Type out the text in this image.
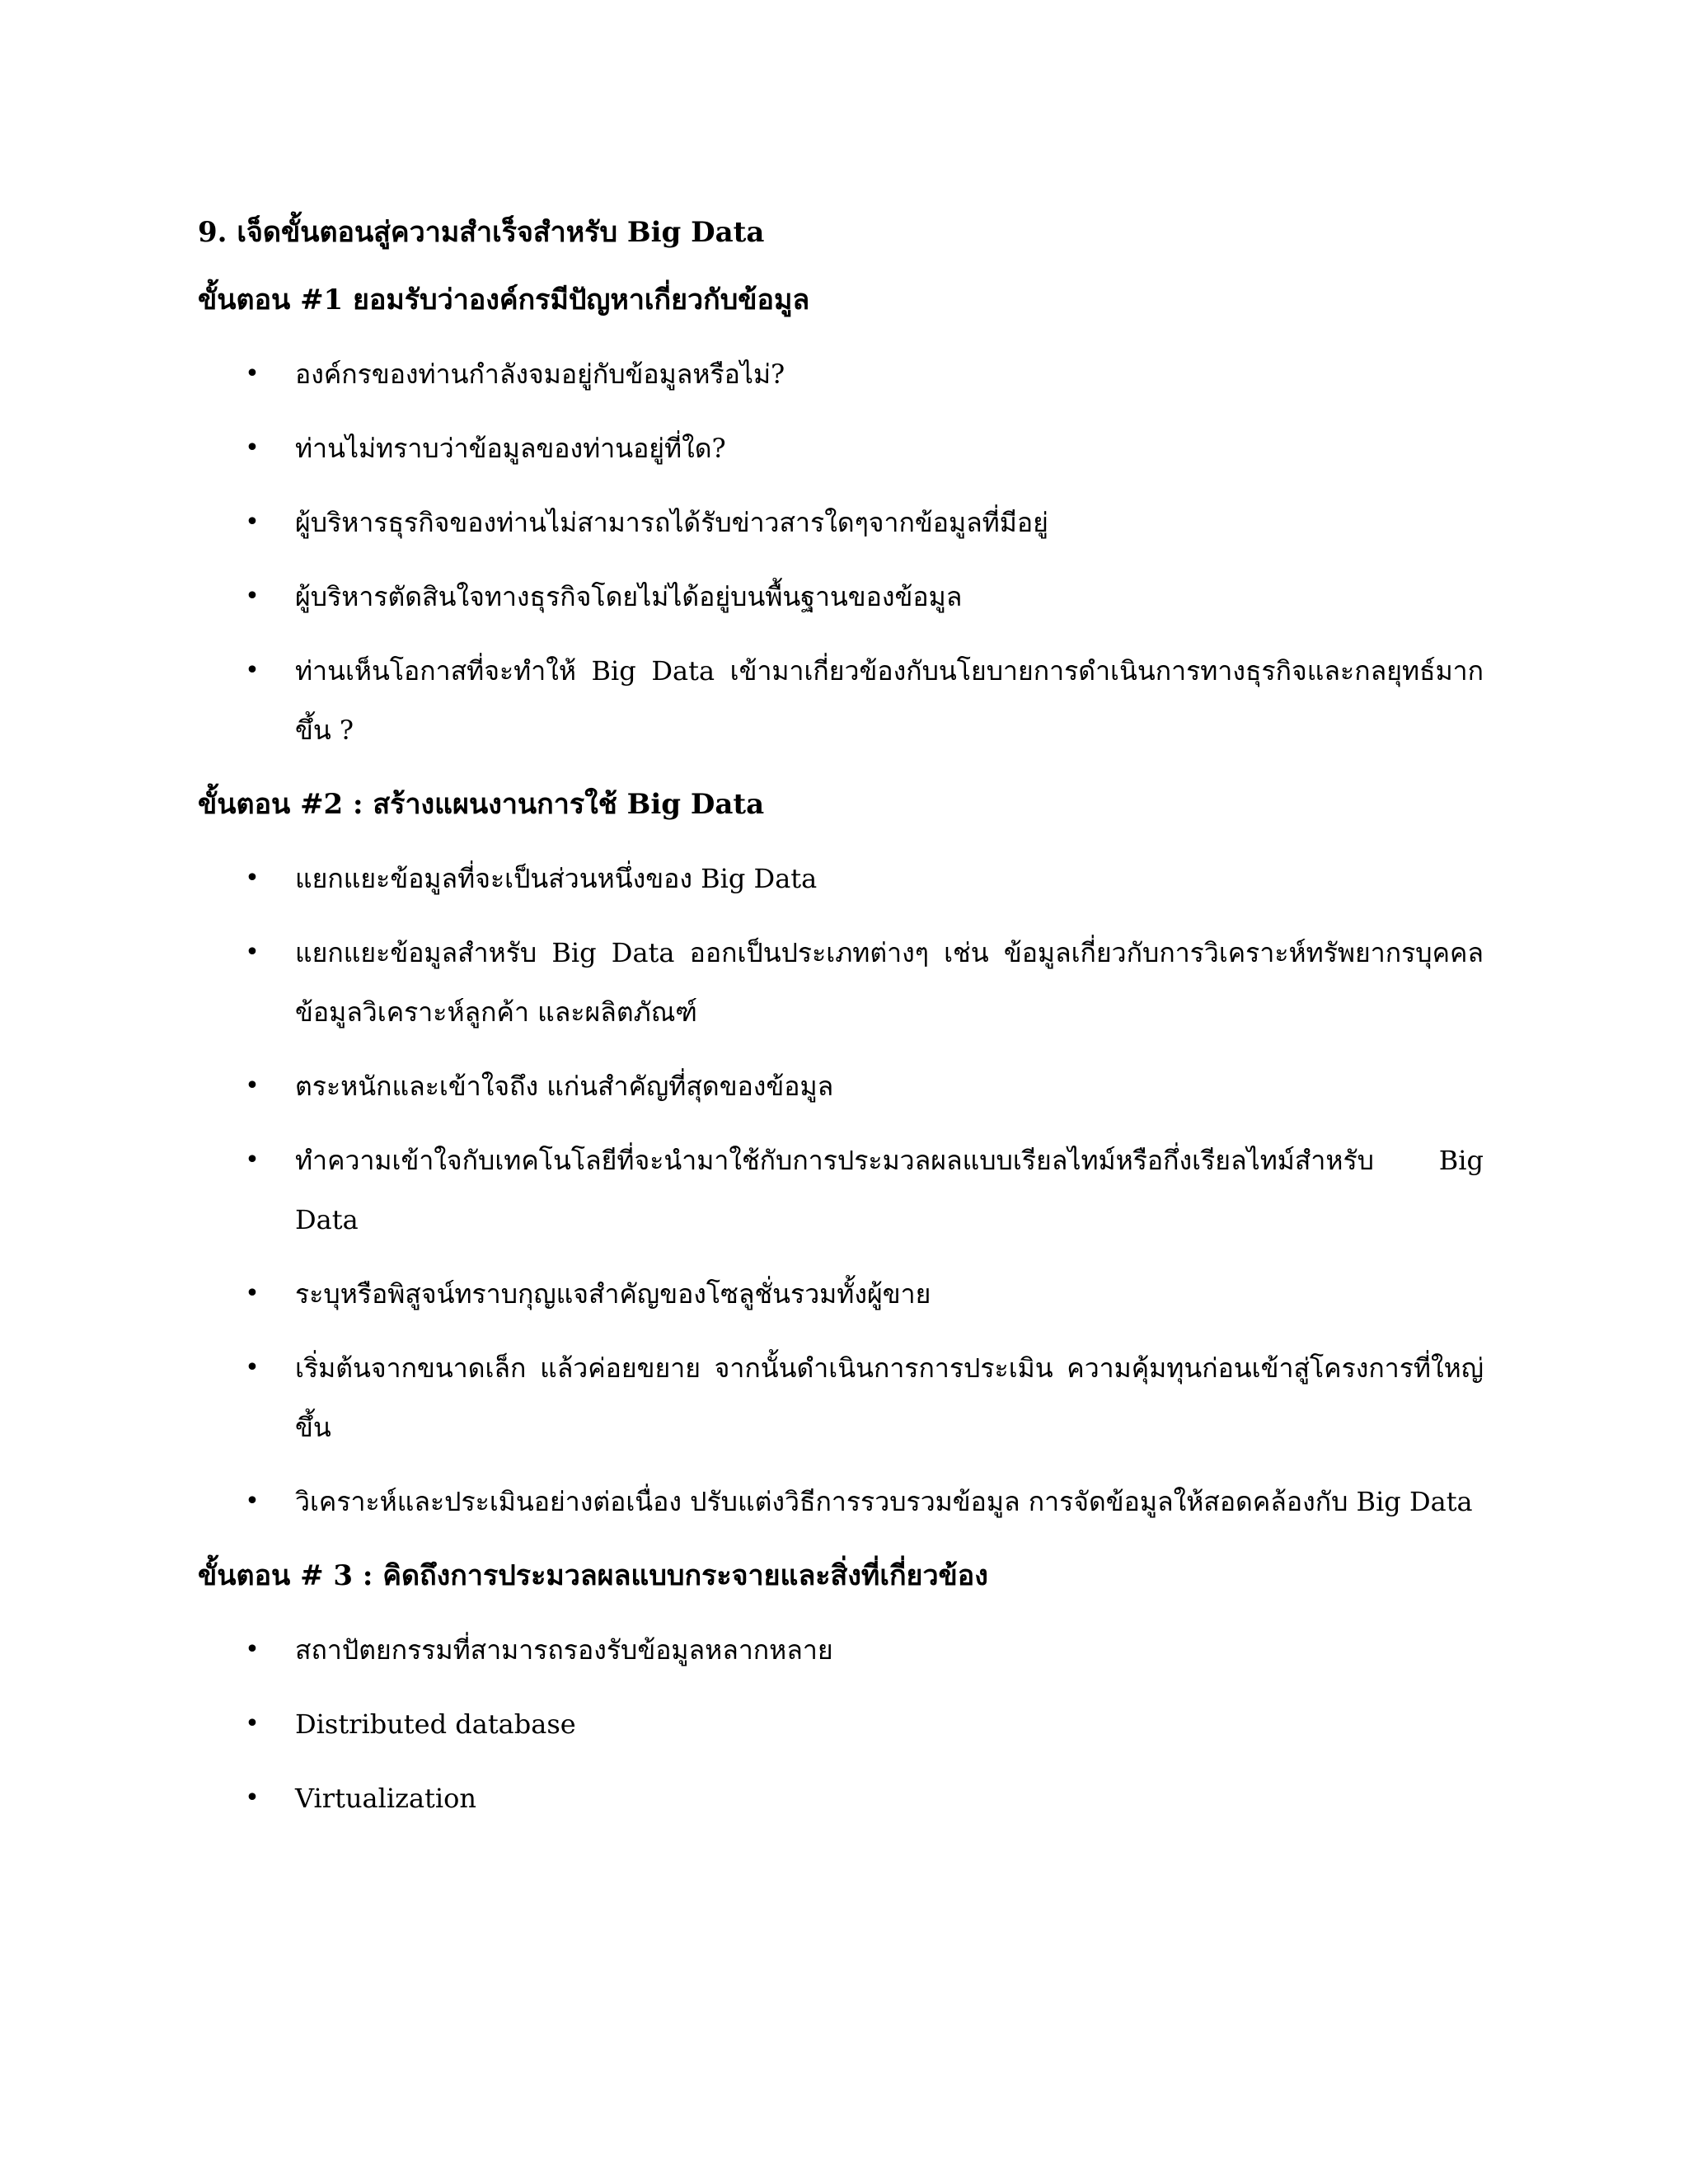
9. เจ็ดขั้นตอนสู่ความสำเร็จสำหรับ Big Data
ขั้นตอน #1 ยอมรับว่าองค์กรมีปัญหาเกี่ยวกับข้อมูล
• องค์กรของท่านกำลังจมอยู่กับข้อมูลหรือไม่?
• ท่านไม่ทราบว่าข้อมูลของท่านอยู่ที่ใด?
• ผู้บริหารธุรกิจของท่านไม่สามารถได้รับข่าวสารใดๆจากข้อมูลที่มีอยู่
• ผู้บริหารตัดสินใจทางธุรกิจโดยไม่ได้อยู่บนพื้นฐานของข้อมูล
• ท่านเห็นโอกาสที่จะทำให้ Big Data เข้ามาเกี่ยวข้องกับนโยบายการดำเนินการทางธุรกิจและกลยุทธ์มากขึ้น ?
ขั้นตอน #2 : สร้างแผนงานการใช้ Big Data
• แยกแยะข้อมูลที่จะเป็นส่วนหนึ่งของ Big Data
• แยกแยะข้อมูลสำหรับ Big Data ออกเป็นประเภทต่างๆ เช่น ข้อมูลเกี่ยวกับการวิเคราะห์ทรัพยากรบุคคล ข้อมูลวิเคราะห์ลูกค้า และผลิตภัณฑ์
• ตระหนักและเข้าใจถึง แก่นสำคัญที่สุดของข้อมูล
• ทำความเข้าใจกับเทคโนโลยีที่จะนำมาใช้กับการประมวลผลแบบเรียลไทม์หรือกึ่งเรียลไทม์สำหรับ Big Data
• ระบุหรือพิสูจน์ทราบกุญแจสำคัญของโซลูชั่นรวมทั้งผู้ขาย
• เริ่มต้นจากขนาดเล็ก แล้วค่อยขยาย จากนั้นดำเนินการการประเมิน ความคุ้มทุนก่อนเข้าสู่โครงการที่ใหญ่ขึ้น
• วิเคราะห์และประเมินอย่างต่อเนื่อง ปรับแต่งวิธีการรวบรวมข้อมูล การจัดข้อมูลให้สอดคล้องกับ Big Data
ขั้นตอน # 3 : คิดถึงการประมวลผลแบบกระจายและสิ่งที่เกี่ยวข้อง
• สถาปัตยกรรมที่สามารถรองรับข้อมูลหลากหลาย
• Distributed database
• Virtualization
